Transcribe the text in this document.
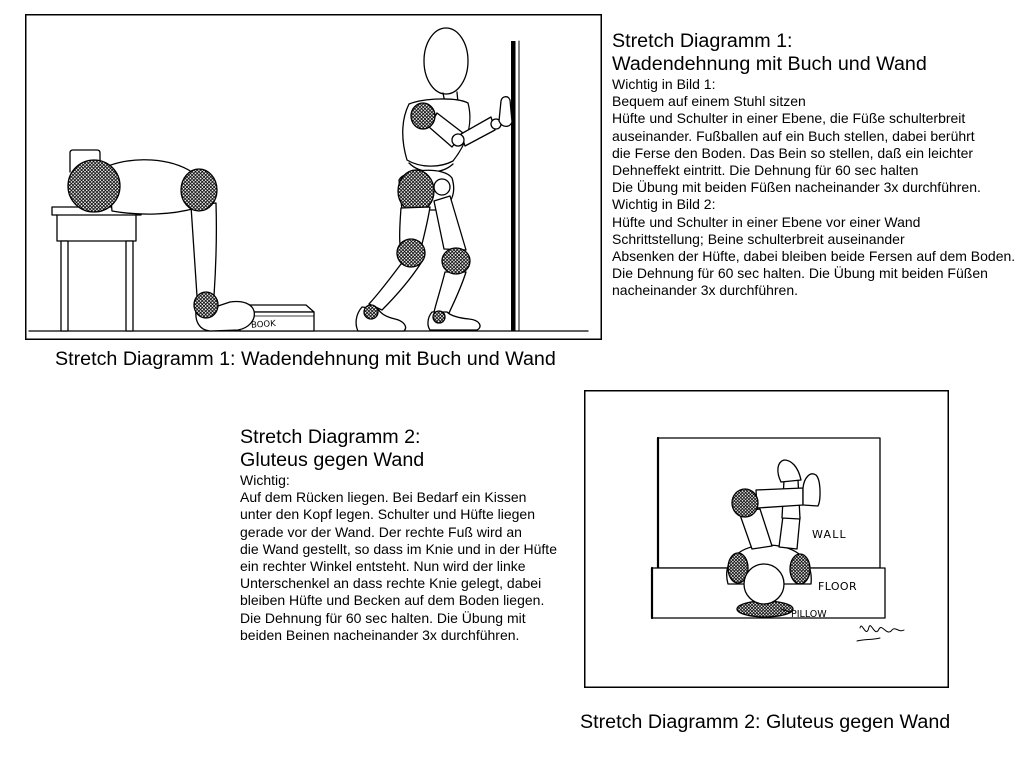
BOOK
Stretch Diagramm 1: Wadendehnung mit Buch und Wand
Stretch Diagramm 1:
Wadendehnung mit Buch und Wand
Wichtig in Bild 1:
Bequem auf einem Stuhl sitzen
Hüfte und Schulter in einer Ebene, die Füße schulterbreit
auseinander. Fußballen auf ein Buch stellen, dabei berührt
die Ferse den Boden. Das Bein so stellen, daß ein leichter
Dehneffekt eintritt. Die Dehnung für 60 sec halten
Die Übung mit beiden Füßen nacheinander 3x durchführen.
Wichtig in Bild 2:
Hüfte und Schulter in einer Ebene vor einer Wand
Schrittstellung; Beine schulterbreit auseinander
Absenken der Hüfte, dabei bleiben beide Fersen auf dem Boden.
Die Dehnung für 60 sec halten. Die Übung mit beiden Füßen
nacheinander 3x durchführen.
Stretch Diagramm 2:
Gluteus gegen Wand
Wichtig:
Auf dem Rücken liegen. Bei Bedarf ein Kissen
unter den Kopf legen. Schulter und Hüfte liegen
gerade vor der Wand. Der rechte Fuß wird an
die Wand gestellt, so dass im Knie und in der Hüfte
ein rechter Winkel entsteht. Nun wird der linke
Unterschenkel an dass rechte Knie gelegt, dabei
bleiben Hüfte und Becken auf dem Boden liegen.
Die Dehnung für 60 sec halten. Die Übung mit
beiden Beinen nacheinander 3x durchführen.
WALL
FLOOR
PILLOW
Stretch Diagramm 2: Gluteus gegen Wand
